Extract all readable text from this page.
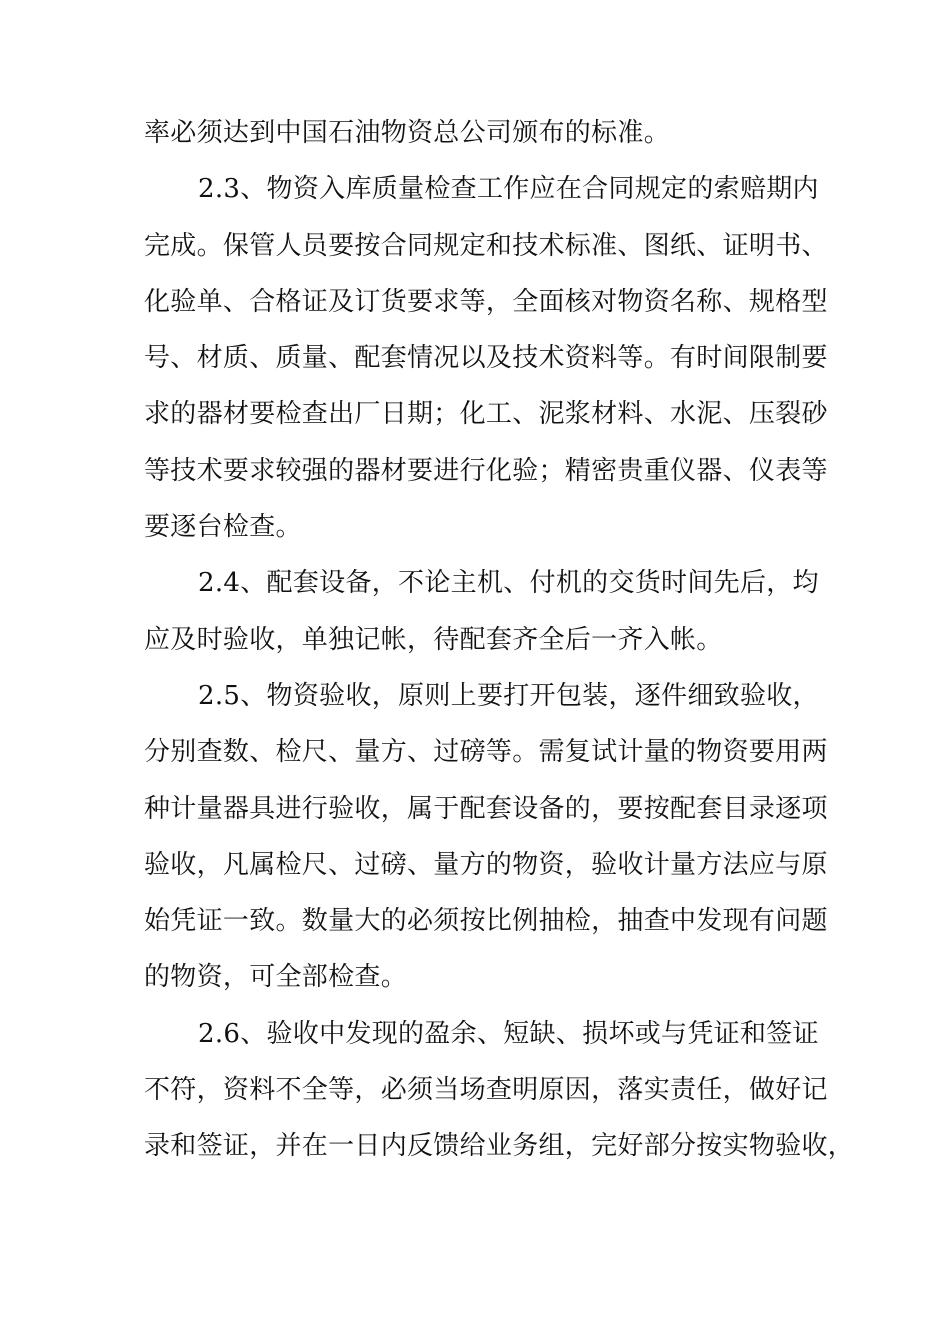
率必须达到中国石油物资总公司颁布的标准。
2.3、物资入库质量检查工作应在合同规定的索赔期内
完成。保管人员要按合同规定和技术标准、图纸、证明书、
化验单、合格证及订货要求等，全面核对物资名称、规格型
号、材质、质量、配套情况以及技术资料等。有时间限制要
求的器材要检查出厂日期；化工、泥浆材料、水泥、压裂砂
等技术要求较强的器材要进行化验；精密贵重仪器、仪表等
要逐台检查。
2.4、配套设备，不论主机、付机的交货时间先后，均
应及时验收，单独记帐，待配套齐全后一齐入帐。
2.5、物资验收，原则上要打开包装，逐件细致验收，
分别查数、检尺、量方、过磅等。需复试计量的物资要用两
种计量器具进行验收，属于配套设备的，要按配套目录逐项
验收，凡属检尺、过磅、量方的物资，验收计量方法应与原
始凭证一致。数量大的必须按比例抽检，抽查中发现有问题
的物资，可全部检查。
2.6、验收中发现的盈余、短缺、损坏或与凭证和签证
不符，资料不全等，必须当场查明原因，落实责任，做好记
录和签证，并在一日内反馈给业务组，完好部分按实物验收，
